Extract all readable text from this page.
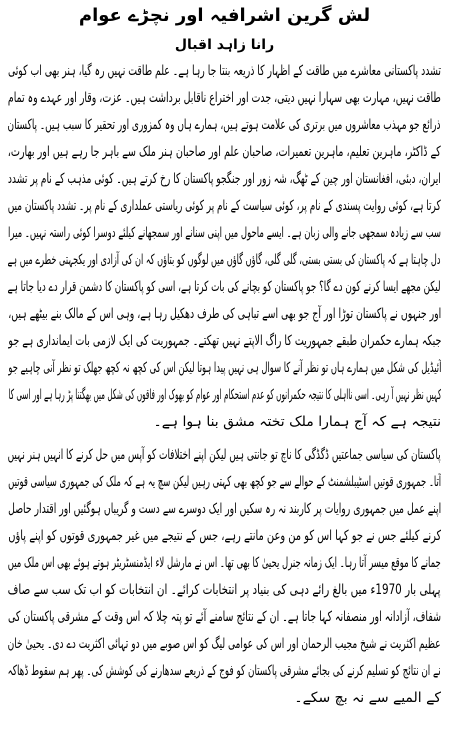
لش گرین اشرافیہ اور نچڑے عوام
رانا زاہد اقبال
تشدد پاکستانی معاشرے میں طاقت کے اظہار کا ذریعہ بنتا جا رہا ہے۔ علم طاقت نہیں رہ گیا، ہنر بھی اب کوئی
طاقت نہیں، مہارت بھی سہارا نہیں دیتی، جدت اور اختراع ناقابل برداشت ہیں۔ عزت، وقار اور عہدے وہ تمام
ذرائع جو مہذب معاشروں میں برتری کی علامت ہوتے ہیں، ہمارے ہاں وہ کمزوری اور تحقیر کا سبب ہیں۔ پاکستان
کے ڈاکٹر، ماہرین تعلیم، ماہرین تعمیرات، صاحبان علم اور صاحبان ہنر ملک سے باہر جا رہے ہیں اور بھارت،
ایران، دبئی، افغانستان اور چین کے ٹھگ، شہ زور اور جنگجو پاکستان کا رخ کرتے ہیں۔ کوئی مذہب کے نام پر تشدد
کرتا ہے، کوئی روایت پسندی کے نام پر، کوئی سیاست کے نام پر کوئی ریاستی عملداری کے نام پر۔ تشدد پاکستان میں
سب سے زیادہ سمجھی جانے والی زبان ہے۔ ایسے ماحول میں اپنی سنانے اور سمجھانے کیلئے دوسرا کوئی راستہ نہیں۔ میرا
دل چاہتا ہے کہ پاکستان کی بستی بستی، گلی گلی، گاؤں گاؤں میں لوگوں کو بتاؤں کہ ان کی آزادی اور یکجہتی خطرے میں ہے
لیکن مجھے ایسا کرنے کون دے گا؟ جو پاکستان کو بچانے کی بات کرتا ہے، اسی کو پاکستان کا دشمن قرار دے دیا جاتا ہے
اور جنہوں نے پاکستان توڑا اور آج جو بھی اسے تباہی کی طرف دھکیل رہا ہے، وہی اس کے مالک بنے بیٹھے ہیں،
جبکہ ہمارے حکمران طبقے جمہوریت کا راگ الاپتے نہیں تھکتے۔ جمہوریت کی ایک لازمی بات ایمانداری ہے جو
آئیڈیل کی شکل میں ہمارے ہاں تو نظر آنے کا سوال ہی نہیں پیدا ہوتا لیکن اس کی کچھ نہ کچھ جھلک تو نظر آنی چاہیے جو
کہیں نظر نہیں آ رہی۔ اسی نااہلی کا نتیجہ حکمرانوں کو عدم استحکام اور عوام کو بھوک اور فاقوں کی شکل میں بھگتنا پڑ رہا ہے اور اسی کا
نتیجہ ہے کہ آج ہمارا ملک تختہ مشق بنا ہوا ہے۔
پاکستان کی سیاسی جماعتیں ڈگڈگی کا ناچ تو جانتی ہیں لیکن اپنے اختلافات کو آپس میں حل کرنے کا انہیں ہنر نہیں
آتا۔ جمہوری قوتیں اسٹیبلشمنٹ کے حوالے سے جو کچھ بھی کہتی رہیں لیکن سچ یہ ہے کہ ملک کی جمہوری سیاسی قوتیں
اپنے عمل میں جمہوری روایات پر کاربند نہ رہ سکیں اور ایک دوسرے سے دست و گریباں ہوگئیں اور اقتدار حاصل
کرنے کیلئے جس نے جو کہا اس کو من وعن مانتے رہے، جس کے نتیجے میں غیر جمہوری قوتوں کو اپنے پاؤں
جمانے کا موقع میسر آتا رہا۔ ایک زمانہ جنرل یحییٰ کا بھی تھا۔ اس نے مارشل لاء ایڈمنسٹریٹر ہوتے ہوئے بھی اس ملک میں
پہلی بار 1970ء میں بالغ رائے دہی کی بنیاد پر انتخابات کرائے۔ ان انتخابات کو اب تک سب سے صاف
شفاف، آزادانہ اور منصفانہ کہا جاتا ہے۔ ان کے نتائج سامنے آئے تو پتہ چلا کہ اس وقت کے مشرقی پاکستان کی
عظیم اکثریت نے شیخ مجیب الرحمان اور اس کی عوامی لیگ کو اس صوبے میں دو تہائی اکثریت دے دی۔ یحییٰ خان
نے ان نتائج کو تسلیم کرنے کی بجائے مشرقی پاکستان کو فوج کے ذریعے سدھارنے کی کوشش کی۔ پھر ہم سقوط ڈھاکہ
کے المیے سے نہ بچ سکے۔
